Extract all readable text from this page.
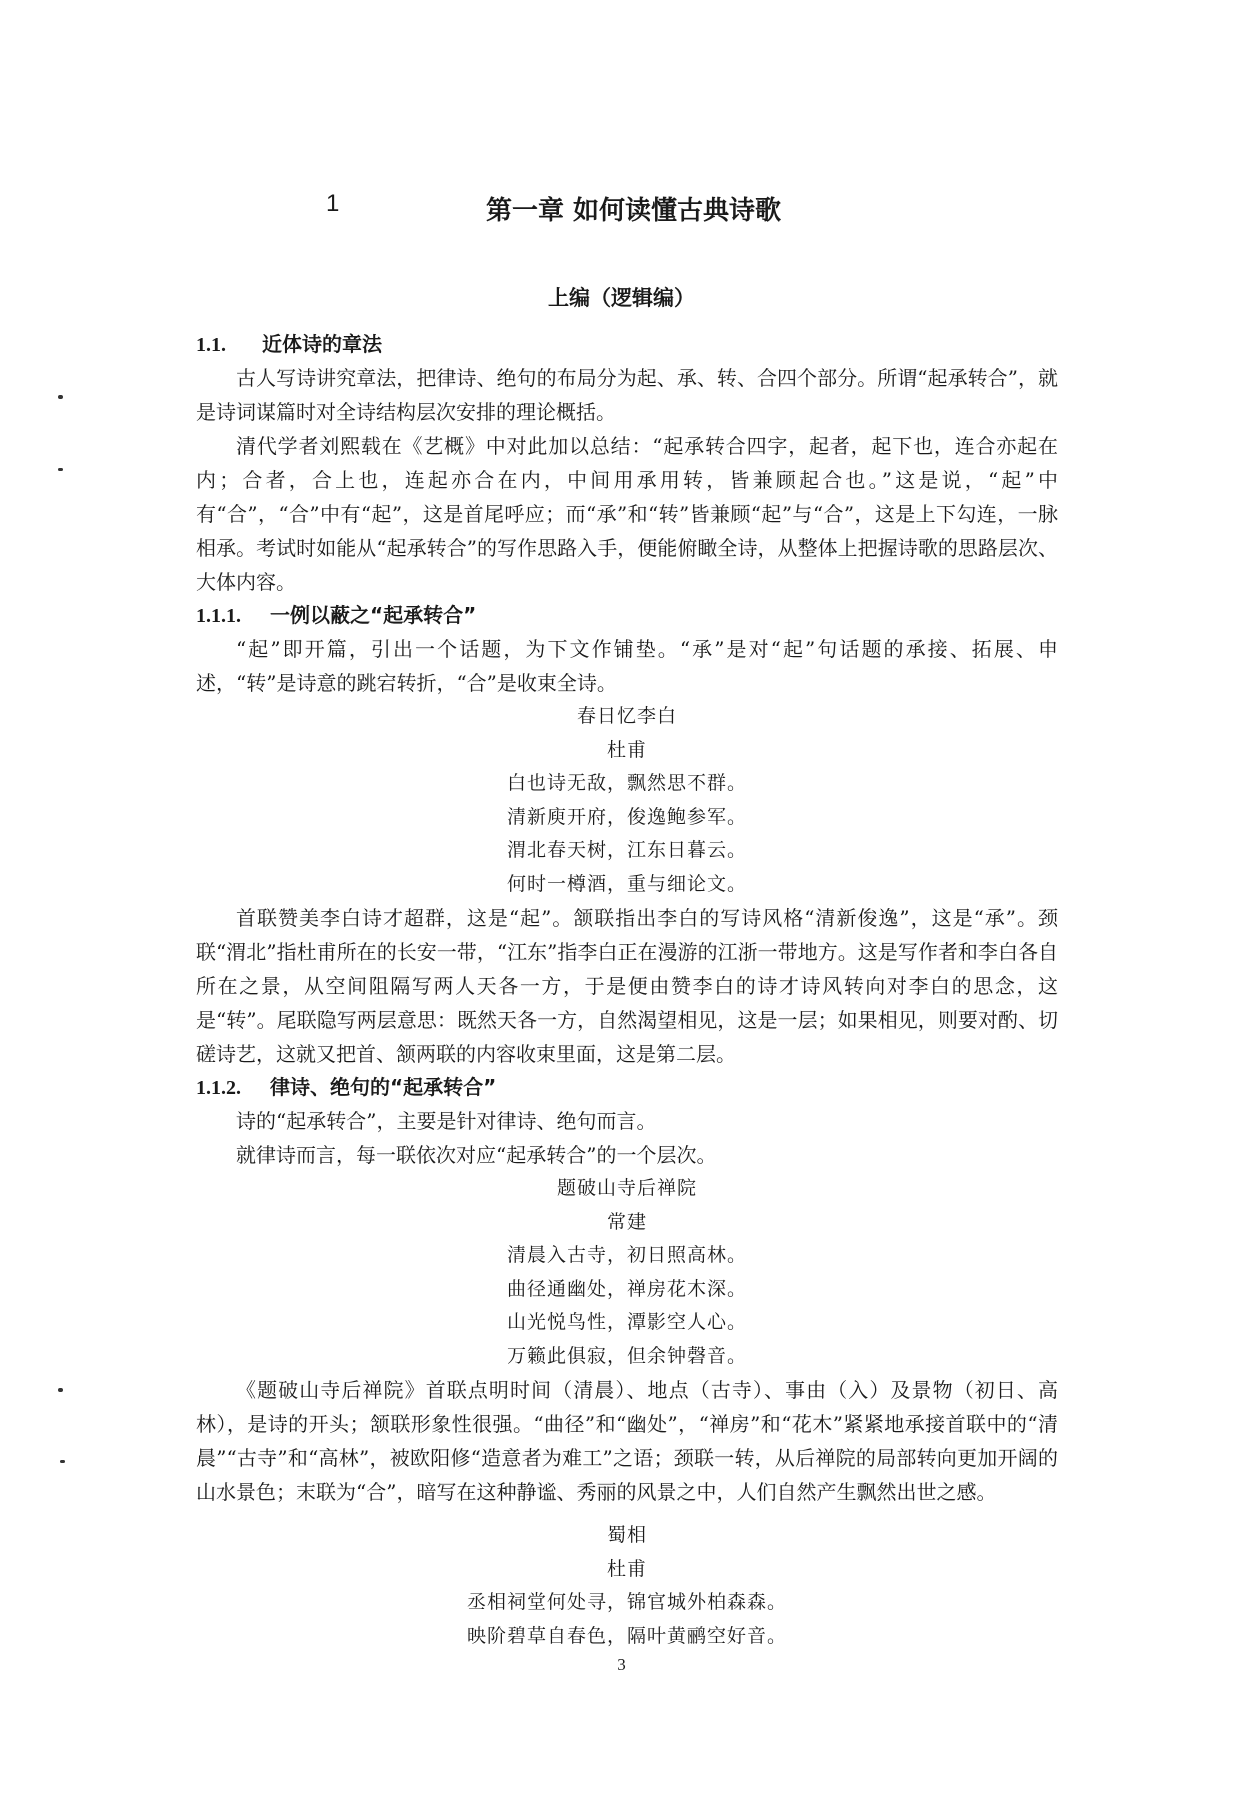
1	第一章 如何读懂古典诗歌
上编（逻辑编）
1.1. 近体诗的章法

古人写诗讲究章法，把律诗、绝句的布局分为起、承、转、合四个部分。所谓“起承转合”，就是诗词谋篇时对全诗结构层次安排的理论概括。

清代学者刘熙载在《艺概》中对此加以总结：“起承转合四字，起者，起下也，连合亦起在内；合者，合上也，连起亦合在内，中间用承用转，皆兼顾起合也。”这是说，“起”中有“合”，“合”中有“起”，这是首尾呼应；而“承”和“转”皆兼顾“起”与“合”，这是上下勾连，一脉相承。考试时如能从“起承转合”的写作思路入手，便能俯瞰全诗，从整体上把握诗歌的思路层次、大体内容。

1.1.1. 一例以蔽之“起承转合”

“起”即开篇，引出一个话题，为下文作铺垫。“承”是对“起”句话题的承接、拓展、申述，“转”是诗意的跳宕转折，“合”是收束全诗。

春日忆李白
杜甫
白也诗无敌，飘然思不群。
清新庾开府，俊逸鲍参军。
渭北春天树，江东日暮云。
何时一樽酒，重与细论文。

首联赞美李白诗才超群，这是“起”。颔联指出李白的写诗风格“清新俊逸”，这是“承”。颈联“渭北”指杜甫所在的长安一带，“江东”指李白正在漫游的江浙一带地方。这是写作者和李白各自所在之景，从空间阻隔写两人天各一方，于是便由赞李白的诗才诗风转向对李白的思念，这是“转”。尾联隐写两层意思：既然天各一方，自然渴望相见，这是一层；如果相见，则要对酌、切磋诗艺，这就又把首、颔两联的内容收束里面，这是第二层。

1.1.2. 律诗、绝句的“起承转合”

诗的“起承转合”，主要是针对律诗、绝句而言。

就律诗而言，每一联依次对应“起承转合”的一个层次。

题破山寺后禅院
常建
清晨入古寺，初日照高林。
曲径通幽处，禅房花木深。
山光悦鸟性，潭影空人心。
万籁此俱寂，但余钟磬音。

《题破山寺后禅院》首联点明时间（清晨）、地点（古寺）、事由（入）及景物（初日、高林），是诗的开头；颔联形象性很强。“曲径”和“幽处”，“禅房”和“花木”紧紧地承接首联中的“清晨”“古寺”和“高林”，被欧阳修“造意者为难工”之语；颈联一转，从后禅院的局部转向更加开阔的山水景色；末联为“合”，暗写在这种静谧、秀丽的风景之中，人们自然产生飘然出世之感。

蜀相
杜甫
丞相祠堂何处寻，锦官城外柏森森。
映阶碧草自春色，隔叶黄鹂空好音。
3
